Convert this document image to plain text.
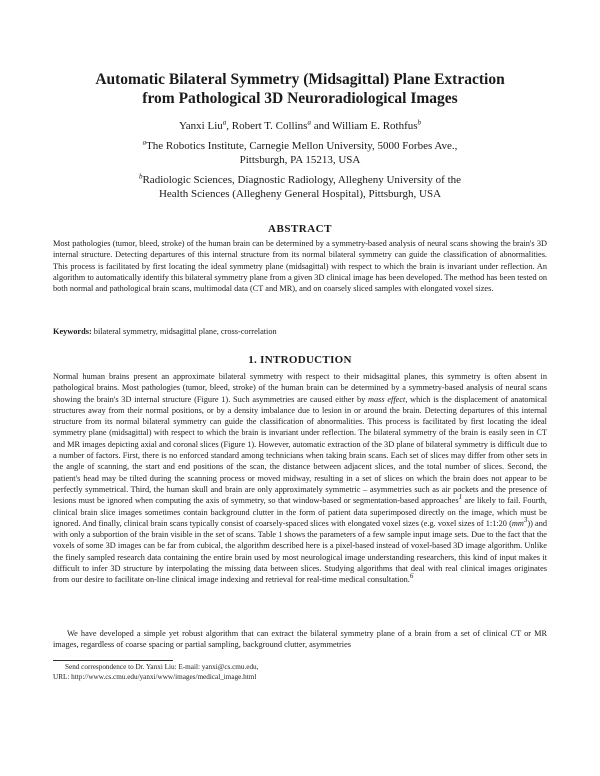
Automatic Bilateral Symmetry (Midsagittal) Plane Extraction
from Pathological 3D Neuroradiological Images

Yanxi Liu$^a$, Robert T. Collins$^a$ and William E. Rothfus$^b$

$^a$The Robotics Institute, Carnegie Mellon University, 5000 Forbes Ave.,
Pittsburgh, PA 15213, USA

$^b$Radiologic Sciences, Diagnostic Radiology, Allegheny University of the
Health Sciences (Allegheny General Hospital), Pittsburgh, USA

ABSTRACT

Most pathologies (tumor, bleed, stroke) of the human brain can be determined by a symmetry-based analysis of neural scans showing the brain's 3D internal structure. Detecting departures of this internal structure from its normal bilateral symmetry can guide the classification of abnormalities. This process is facilitated by first locating the ideal symmetry plane (midsagittal) with respect to which the brain is invariant under reflection. An algorithm to automatically identify this bilateral symmetry plane from a given 3D clinical image has been developed. The method has been tested on both normal and pathological brain scans, multimodal data (CT and MR), and on coarsely sliced samples with elongated voxel sizes.

Keywords: bilateral symmetry, midsagittal plane, cross-correlation

1. INTRODUCTION

Normal human brains present an approximate bilateral symmetry with respect to their midsagittal planes, this symmetry is often absent in pathological brains. Most pathologies (tumor, bleed, stroke) of the human brain can be determined by a symmetry-based analysis of neural scans showing the brain's 3D internal structure (Figure 1). Such asymmetries are caused either by mass effect, which is the displacement of anatomical structures away from their normal positions, or by a density imbalance due to lesion in or around the brain. Detecting departures of this internal structure from its normal bilateral symmetry can guide the classification of abnormalities. This process is facilitated by first locating the ideal symmetry plane (midsagittal) with respect to which the brain is invariant under reflection. The bilateral symmetry of the brain is easily seen in CT and MR images depicting axial and coronal slices (Figure 1). However, automatic extraction of the 3D plane of bilateral symmetry is difficult due to a number of factors. First, there is no enforced standard among technicians when taking brain scans. Each set of slices may differ from other sets in the angle of scanning, the start and end positions of the scan, the distance between adjacent slices, and the total number of slices. Second, the patient's head may be tilted during the scanning process or moved midway, resulting in a set of slices on which the brain does not appear to be perfectly symmetrical. Third, the human skull and brain are only approximately symmetric – asymmetries such as air pockets and the presence of lesions must be ignored when computing the axis of symmetry, so that window-based or segmentation-based approaches$^1$ are likely to fail. Fourth, clinical brain slice images sometimes contain background clutter in the form of patient data superimposed directly on the image, which must be ignored. And finally, clinical brain scans typically consist of coarsely-spaced slices with elongated voxel sizes (e.g. voxel sizes of 1:1:20 $(mm^3)$) and with only a subportion of the brain visible in the set of scans. Table 1 shows the parameters of a few sample input image sets. Due to the fact that the voxels of some 3D images can be far from cubical, the algorithm described here is a pixel-based instead of voxel-based 3D image algorithm. Unlike the finely sampled research data containing the entire brain used by most neurological image understanding researchers, this kind of input makes it difficult to infer 3D structure by interpolating the missing data between slices. Studying algorithms that deal with real clinical images originates from our desire to facilitate on-line clinical image indexing and retrieval for real-time medical consultation.$^6$

We have developed a simple yet robust algorithm that can extract the bilateral symmetry plane of a brain from a set of clinical CT or MR images, regardless of coarse spacing or partial sampling, background clutter, asymmetries

Send correspondence to Dr. Yanxi Liu: E-mail: yanxi@cs.cmu.edu,

URL: http://www.cs.cmu.edu/yanxi/www/images/medical_image.html
